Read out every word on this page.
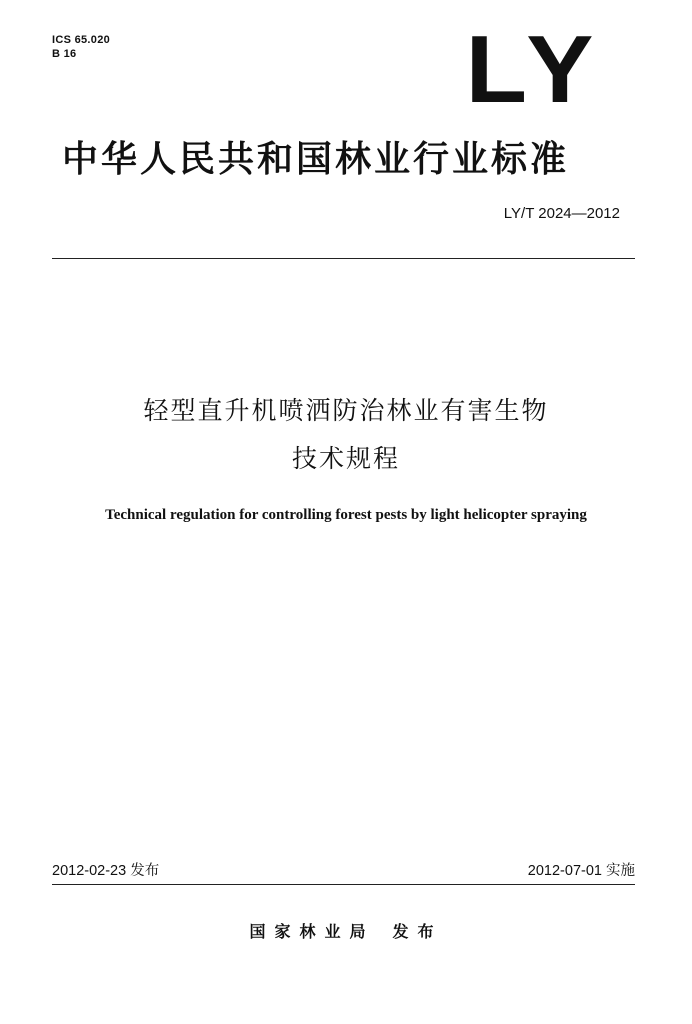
ICS 65.020
B 16	LY
中华人民共和国林业行业标准
LY/T 2024—2012
轻型直升机喷洒防治林业有害生物
技术规程
Technical regulation for controlling forest pests by light helicopter spraying
2012-02-23 发布	2012-07-01 实施
国家林业局 发布
